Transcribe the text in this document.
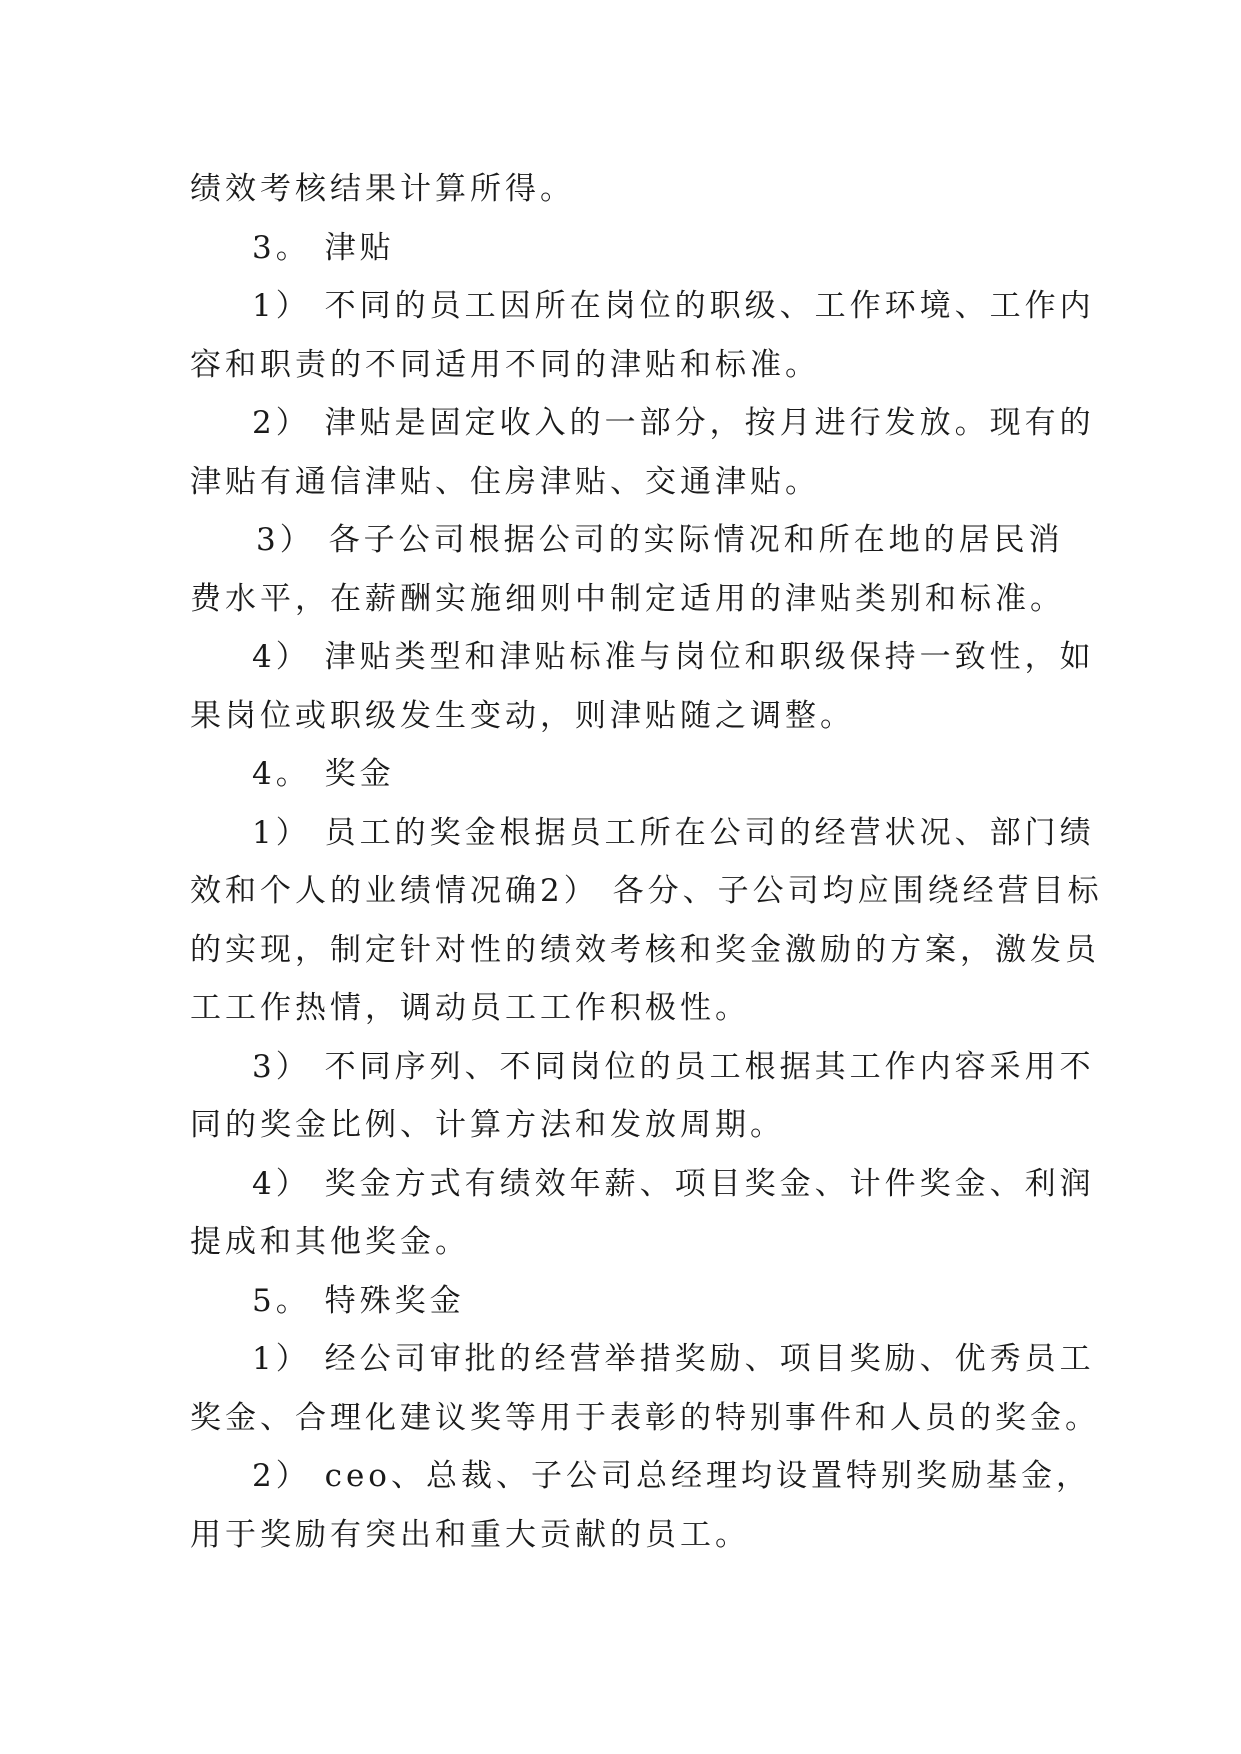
绩效考核结果计算所得。
3。 津贴
1） 不同的员工因所在岗位的职级、工作环境、工作内
容和职责的不同适用不同的津贴和标准。
2） 津贴是固定收入的一部分，按月进行发放。现有的
津贴有通信津贴、住房津贴、交通津贴。
3） 各子公司根据公司的实际情况和所在地的居民消
费水平，在薪酬实施细则中制定适用的津贴类别和标准。
4） 津贴类型和津贴标准与岗位和职级保持一致性，如
果岗位或职级发生变动，则津贴随之调整。
4。 奖金
1） 员工的奖金根据员工所在公司的经营状况、部门绩
效和个人的业绩情况确2） 各分、子公司均应围绕经营目标
的实现，制定针对性的绩效考核和奖金激励的方案，激发员
工工作热情，调动员工工作积极性。
3） 不同序列、不同岗位的员工根据其工作内容采用不
同的奖金比例、计算方法和发放周期。
4） 奖金方式有绩效年薪、项目奖金、计件奖金、利润
提成和其他奖金。
5。 特殊奖金
1） 经公司审批的经营举措奖励、项目奖励、优秀员工
奖金、合理化建议奖等用于表彰的特别事件和人员的奖金。
2） ceo、总裁、子公司总经理均设置特别奖励基金，
用于奖励有突出和重大贡献的员工。
